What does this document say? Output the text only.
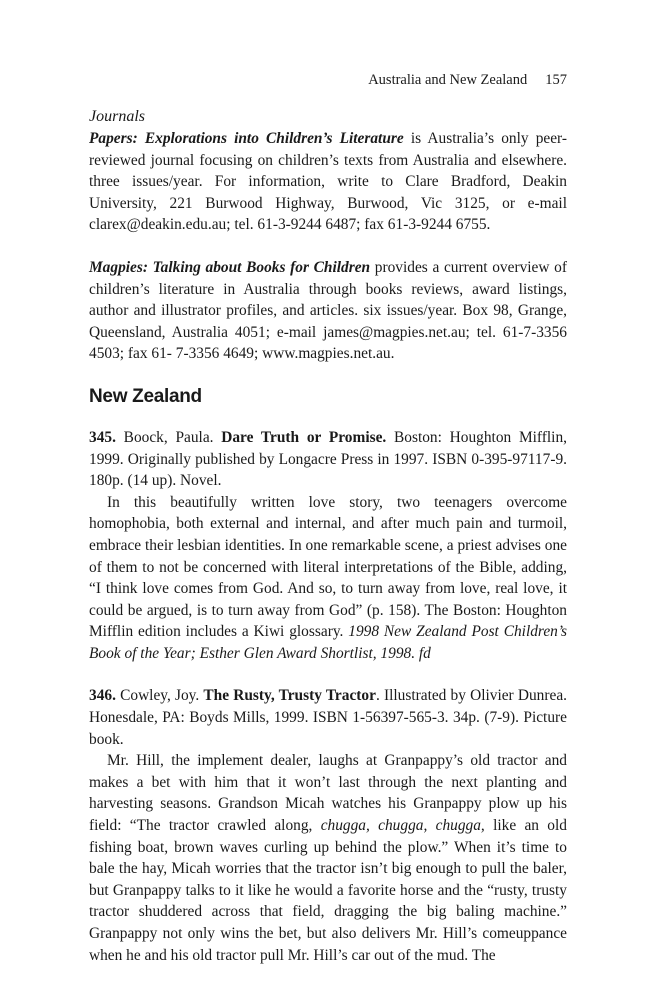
Australia and New Zealand 157
Journals

Papers: Explorations into Children’s Literature is Australia’s only peer-reviewed journal focusing on children’s texts from Australia and elsewhere. three issues/year. For information, write to Clare Bradford, Deakin University, 221 Burwood Highway, Burwood, Vic 3125, or e-mail clarex@deakin.edu.au; tel. 61-3-9244 6487; fax 61-3-9244 6755.

Magpies: Talking about Books for Children provides a current overview of children’s literature in Australia through books reviews, award listings, author and illustrator profiles, and articles. six issues/year. Box 98, Grange, Queensland, Australia 4051; e-mail james@magpies.net.au; tel. 61-7-3356 4503; fax 61- 7-3356 4649; www.magpies.net.au.

New Zealand

345. Boock, Paula. Dare Truth or Promise. Boston: Houghton Mifflin, 1999. Originally published by Longacre Press in 1997. ISBN 0-395-97117-9. 180p. (14 up). Novel.

In this beautifully written love story, two teenagers overcome homophobia, both external and internal, and after much pain and turmoil, embrace their lesbian identities. In one remarkable scene, a priest advises one of them to not be concerned with literal interpretations of the Bible, adding, “I think love comes from God. And so, to turn away from love, real love, it could be argued, is to turn away from God” (p. 158). The Boston: Houghton Mifflin edition includes a Kiwi glossary. 1998 New Zealand Post Children’s Book of the Year; Esther Glen Award Shortlist, 1998. fd

346. Cowley, Joy. The Rusty, Trusty Tractor. Illustrated by Olivier Dunrea. Honesdale, PA: Boyds Mills, 1999. ISBN 1-56397-565-3. 34p. (7-9). Picture book.

Mr. Hill, the implement dealer, laughs at Granpappy’s old tractor and makes a bet with him that it won’t last through the next planting and harvesting seasons. Grandson Micah watches his Granpappy plow up his field: “The tractor crawled along, chugga, chugga, chugga, like an old fishing boat, brown waves curling up behind the plow.” When it’s time to bale the hay, Micah worries that the tractor isn’t big enough to pull the baler, but Granpappy talks to it like he would a favorite horse and the “rusty, trusty tractor shuddered across that field, dragging the big baling machine.” Granpappy not only wins the bet, but also delivers Mr. Hill’s comeuppance when he and his old tractor pull Mr. Hill’s car out of the mud. The
